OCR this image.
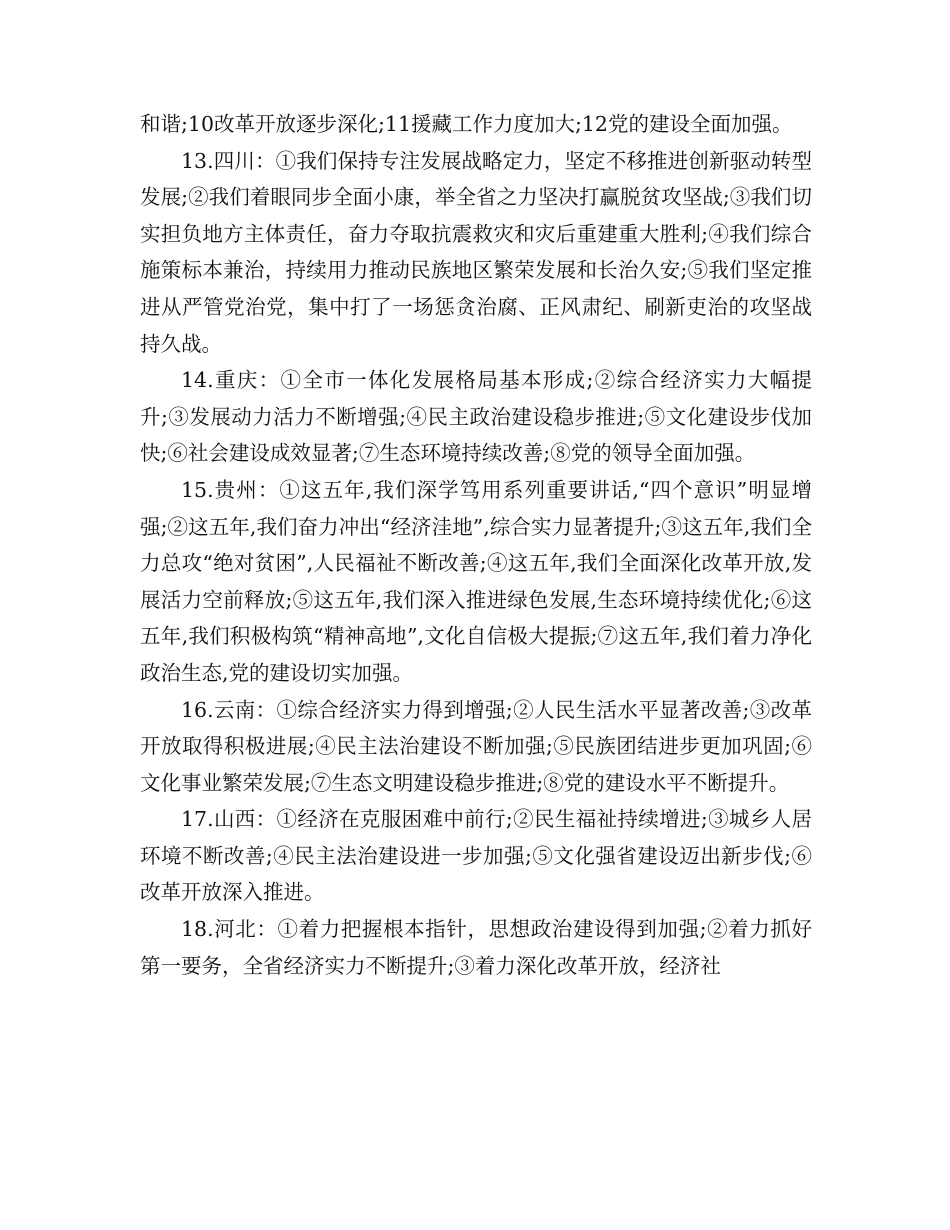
和谐;10改革开放逐步深化;11援藏工作力度加大;12党的建设全面加强。

13.四川：①我们保持专注发展战略定力，坚定不移推进创新驱动转型发展;②我们着眼同步全面小康，举全省之力坚决打赢脱贫攻坚战;③我们切实担负地方主体责任，奋力夺取抗震救灾和灾后重建重大胜利;④我们综合施策标本兼治，持续用力推动民族地区繁荣发展和长治久安;⑤我们坚定推进从严管党治党，集中打了一场惩贪治腐、正风肃纪、刷新吏治的攻坚战持久战。

14.重庆：①全市一体化发展格局基本形成;②综合经济实力大幅提升;③发展动力活力不断增强;④民主政治建设稳步推进;⑤文化建设步伐加快;⑥社会建设成效显著;⑦生态环境持续改善;⑧党的领导全面加强。

15.贵州：①这五年,我们深学笃用系列重要讲话,“四个意识”明显增强;②这五年,我们奋力冲出“经济洼地”,综合实力显著提升;③这五年,我们全力总攻“绝对贫困”,人民福祉不断改善;④这五年,我们全面深化改革开放,发展活力空前释放;⑤这五年,我们深入推进绿色发展,生态环境持续优化;⑥这五年,我们积极构筑“精神高地”,文化自信极大提振;⑦这五年,我们着力净化政治生态,党的建设切实加强。

16.云南：①综合经济实力得到增强;②人民生活水平显著改善;③改革开放取得积极进展;④民主法治建设不断加强;⑤民族团结进步更加巩固;⑥文化事业繁荣发展;⑦生态文明建设稳步推进;⑧党的建设水平不断提升。

17.山西：①经济在克服困难中前行;②民生福祉持续增进;③城乡人居环境不断改善;④民主法治建设进一步加强;⑤文化强省建设迈出新步伐;⑥改革开放深入推进。

18.河北：①着力把握根本指针，思想政治建设得到加强;②着力抓好第一要务，全省经济实力不断提升;③着力深化改革开放，经济社
